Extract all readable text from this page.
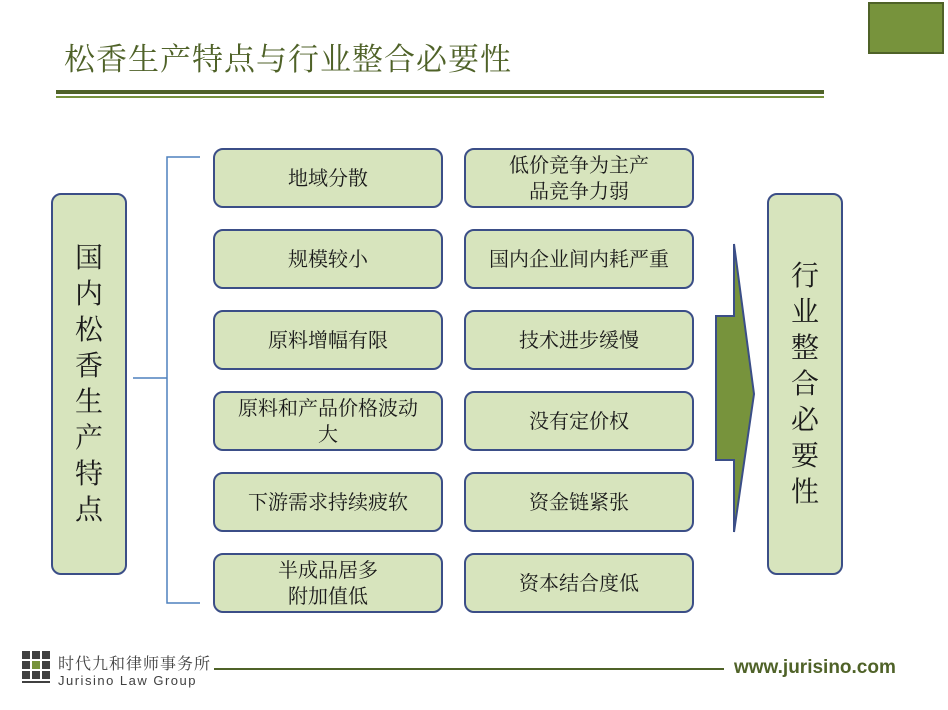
松香生产特点与行业整合必要性
国内松香生产特点
地域分散
规模较小
原料增幅有限
原料和产品价格波动大
下游需求持续疲软
半成品居多附加值低
低价竞争为主产品竞争力弱
国内企业间内耗严重
技术进步缓慢
没有定价权
资金链紧张
资本结合度低
行业整合必要性
时代九和律师事务所
Jurisino Law Group
www.jurisino.com
